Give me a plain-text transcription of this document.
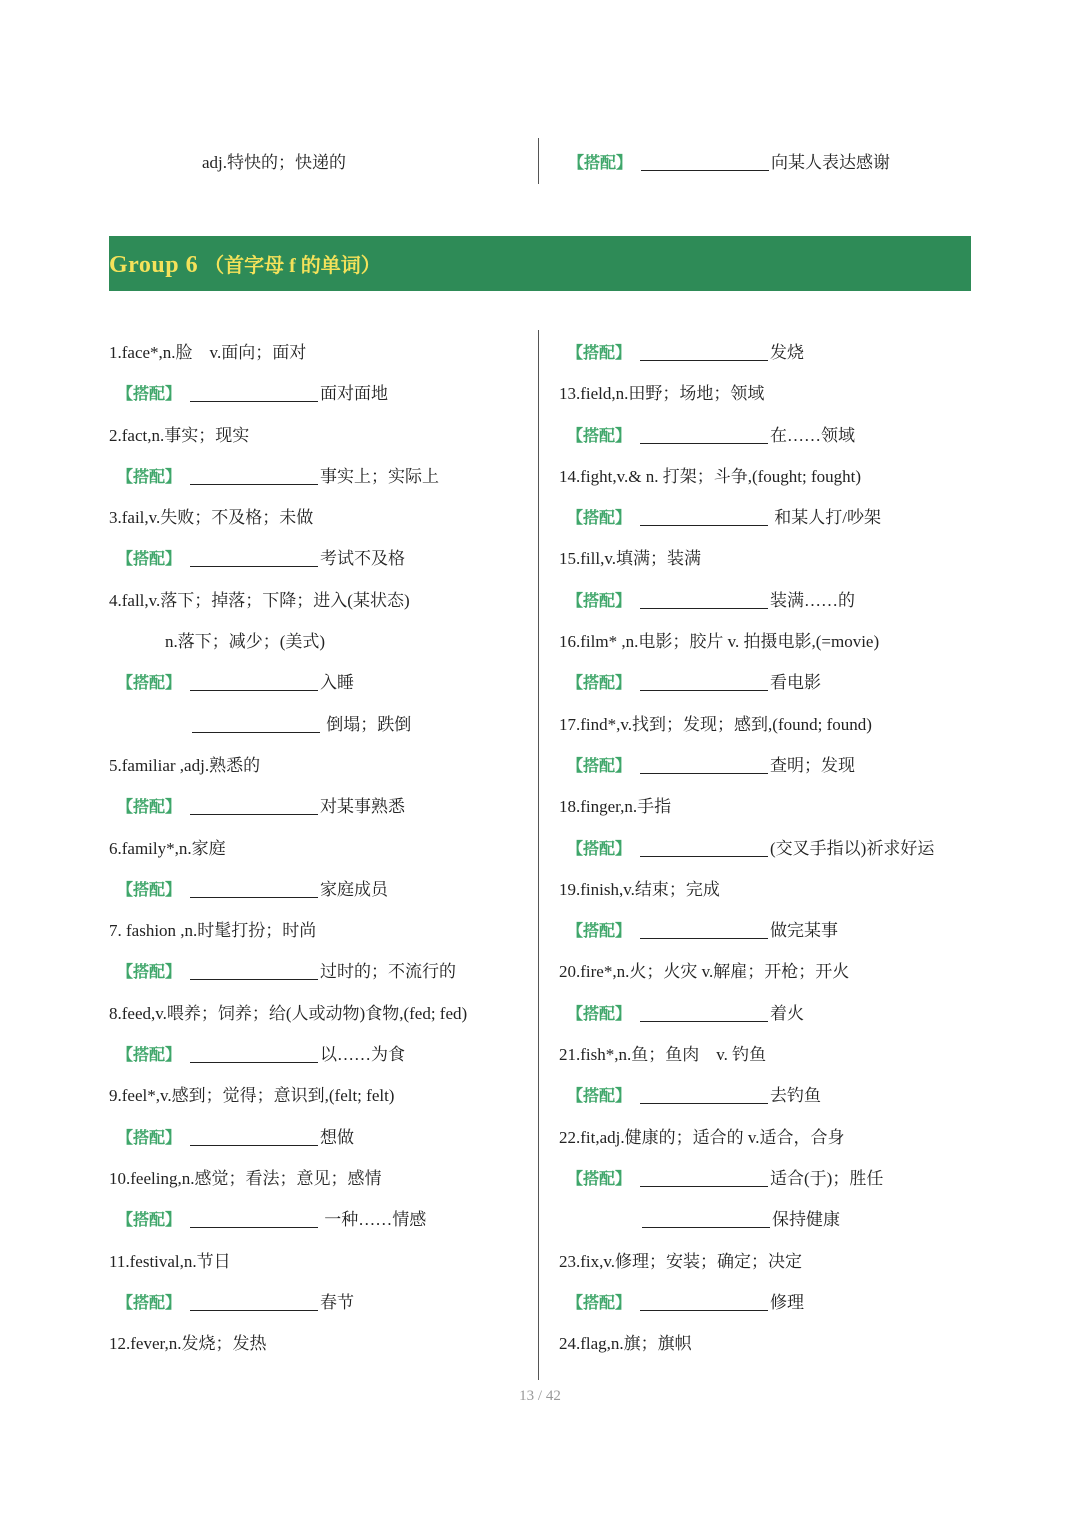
adj.特快的；快递的	【搭配】	向某人表达感谢
Group 6 （首字母 f 的单词）
1.face*,n.脸　v.面向；面对
【搭配】	面对面地
2.fact,n.事实；现实
【搭配】	事实上；实际上
3.fail,v.失败；不及格；未做
【搭配】	考试不及格
4.fall,v.落下；掉落；下降；进入(某状态)
n.落下；减少；(美式)
【搭配】	入睡
倒塌；跌倒
5.familiar ,adj.熟悉的
【搭配】	对某事熟悉
6.family*,n.家庭
【搭配】	家庭成员
7. fashion ,n.时髦打扮；时尚
【搭配】	过时的；不流行的
8.feed,v.喂养；饲养；给(人或动物)食物,(fed; fed)
【搭配】	以……为食
9.feel*,v.感到；觉得；意识到,(felt; felt)
【搭配】	想做
10.feeling,n.感觉；看法；意见；感情
【搭配】	一种……情感
11.festival,n.节日
【搭配】	春节
12.fever,n.发烧；发热
【搭配】	发烧
13.field,n.田野；场地；领域
【搭配】	在……领域
14.fight,v.& n. 打架；斗争,(fought; fought)
【搭配】	和某人打/吵架
15.fill,v.填满；装满
【搭配】	装满……的
16.film* ,n.电影；胶片 v. 拍摄电影,(=movie)
【搭配】	看电影
17.find*,v.找到；发现；感到,(found; found)
【搭配】	查明；发现
18.finger,n.手指
【搭配】	(交叉手指以)祈求好运
19.finish,v.结束；完成
【搭配】	做完某事
20.fire*,n.火；火灾 v.解雇；开枪；开火
【搭配】	着火
21.fish*,n.鱼；鱼肉　v. 钓鱼
【搭配】	去钓鱼
22.fit,adj.健康的；适合的 v.适合，合身
【搭配】	适合(于)；胜任
保持健康
23.fix,v.修理；安装；确定；决定
【搭配】	修理
24.flag,n.旗；旗帜
13 / 42
